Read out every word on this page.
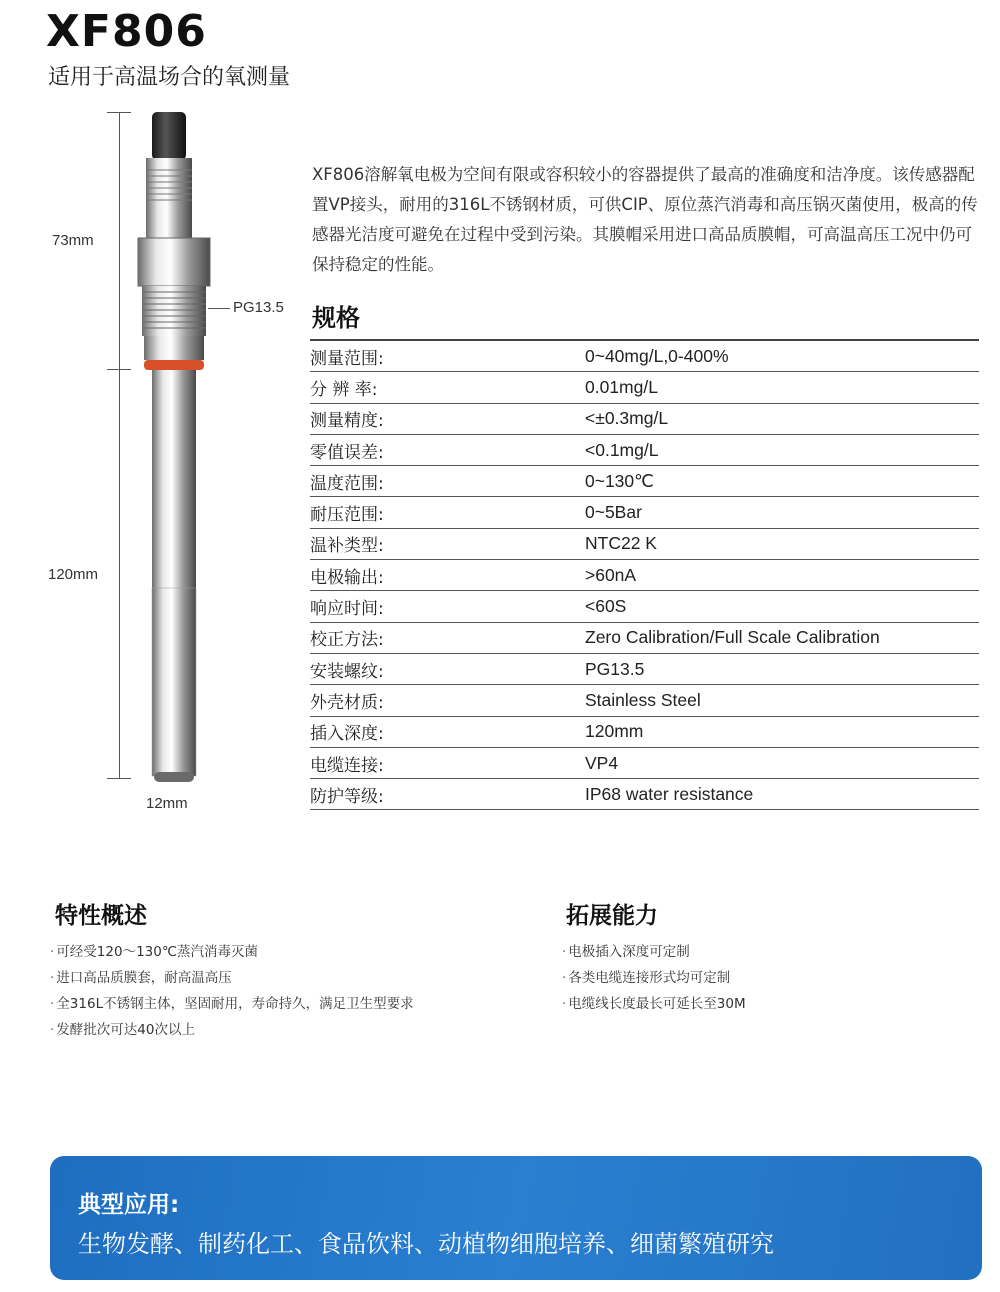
XF806
适用于高温场合的氧测量
73mm
120mm
12mm
PG13.5
XF806溶解氧电极为空间有限或容积较小的容器提供了最高的准确度和洁净度。该传感器配置VP接头，耐用的316L不锈钢材质，可供CIP、原位蒸汽消毒和高压锅灭菌使用，极高的传感器光洁度可避免在过程中受到污染。其膜帽采用进口高品质膜帽，可高温高压工况中仍可保持稳定的性能。
规格
测量范围:	0~40mg/L,0-400%
分 辨 率:	0.01mg/L
测量精度:	<±0.3mg/L
零值误差:	<0.1mg/L
温度范围:	0~130℃
耐压范围:	0~5Bar
温补类型:	NTC22 K
电极输出:	>60nA
响应时间:	<60S
校正方法:	Zero Calibration/Full Scale Calibration
安装螺纹:	PG13.5
外壳材质:	Stainless Steel
插入深度:	120mm
电缆连接:	VP4
防护等级:	IP68 water resistance
特性概述
· 可经受120～130℃蒸汽消毒灭菌
· 进口高品质膜套，耐高温高压
· 全316L不锈钢主体，坚固耐用，寿命持久，满足卫生型要求
· 发酵批次可达40次以上
拓展能力
· 电极插入深度可定制
· 各类电缆连接形式均可定制
· 电缆线长度最长可延长至30M
典型应用:
生物发酵、制药化工、食品饮料、动植物细胞培养、细菌繁殖研究
